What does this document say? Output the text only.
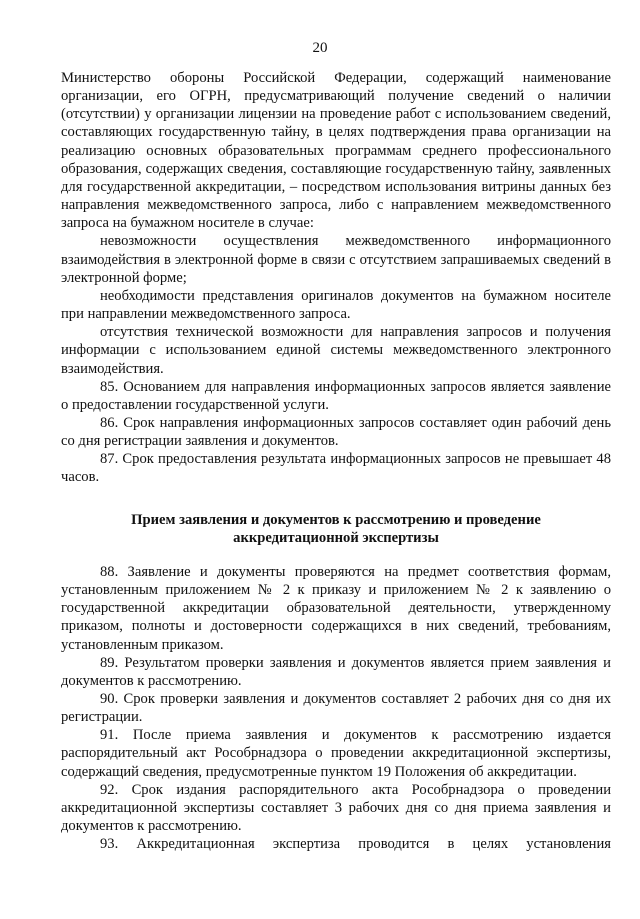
20

Министерство обороны Российской Федерации, содержащий наименование организации, его ОГРН, предусматривающий получение сведений о наличии (отсутствии) у организации лицензии на проведение работ с использованием сведений, составляющих государственную тайну, в целях подтверждения права организации на реализацию основных образовательных программам среднего профессионального образования, содержащих сведения, составляющие государственную тайну, заявленных для государственной аккредитации, – посредством использования витрины данных без направления межведомственного запроса, либо с направлением межведомственного запроса на бумажном носителе в случае:

невозможности осуществления межведомственного информационного взаимодействия в электронной форме в связи с отсутствием запрашиваемых сведений в электронной форме;

необходимости представления оригиналов документов на бумажном носителе при направлении межведомственного запроса.

отсутствия технической возможности для направления запросов и получения информации с использованием единой системы межведомственного электронного взаимодействия.

85. Основанием для направления информационных запросов является заявление о предоставлении государственной услуги.

86. Срок направления информационных запросов составляет один рабочий день со дня регистрации заявления и документов.

87. Срок предоставления результата информационных запросов не превышает 48 часов.

Прием заявления и документов к рассмотрению и проведение
аккредитационной экспертизы

88. Заявление и документы проверяются на предмет соответствия формам, установленным приложением № 2 к приказу и приложением № 2 к заявлению о государственной аккредитации образовательной деятельности, утвержденному приказом, полноты и достоверности содержащихся в них сведений, требованиям, установленным приказом.

89. Результатом проверки заявления и документов является прием заявления и документов к рассмотрению.

90. Срок проверки заявления и документов составляет 2 рабочих дня со дня их регистрации.

91. После приема заявления и документов к рассмотрению издается распорядительный акт Рособрнадзора о проведении аккредитационной экспертизы, содержащий сведения, предусмотренные пунктом 19 Положения об аккредитации.

92. Срок издания распорядительного акта Рособрнадзора о проведении аккредитационной экспертизы составляет 3 рабочих дня со дня приема заявления и документов к рассмотрению.

93. Аккредитационная экспертиза проводится в целях установления
